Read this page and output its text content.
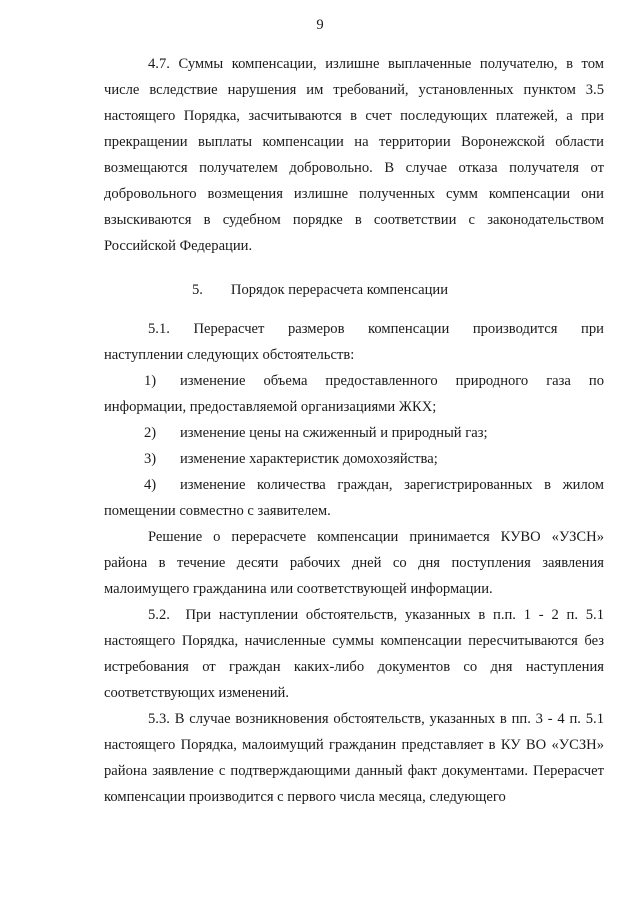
9
4.7. Суммы компенсации, излишне выплаченные получателю, в том числе вследствие нарушения им требований, установленных пунктом 3.5 настоящего Порядка, засчитываются в счет последующих платежей, а при прекращении выплаты компенсации на территории Воронежской области возмещаются получателем добровольно. В случае отказа получателя от добровольного возмещения излишне полученных сумм компенсации они взыскиваются в судебном порядке в соответствии с законодательством Российской Федерации.
5. Порядок перерасчета компенсации
5.1. Перерасчет размеров компенсации производится при
наступлении следующих обстоятельств:
1) изменение объема предоставленного природного газа по информации, предоставляемой организациями ЖКХ;
2) изменение цены на сжиженный и природный газ;
3) изменение характеристик домохозяйства;
4) изменение количества граждан, зарегистрированных в жилом помещении совместно с заявителем.
Решение о перерасчете компенсации принимается КУВО «УЗСН» района в течение десяти рабочих дней со дня поступления заявления малоимущего гражданина или соответствующей информации.
5.2. При наступлении обстоятельств, указанных в п.п. 1 - 2 п. 5.1 настоящего Порядка, начисленные суммы компенсации пересчитываются без истребования от граждан каких-либо документов со дня наступления соответствующих изменений.
5.3. В случае возникновения обстоятельств, указанных в пп. 3 - 4 п. 5.1 настоящего Порядка, малоимущий гражданин представляет в КУ ВО «УСЗН» района заявление с подтверждающими данный факт документами. Перерасчет компенсации производится с первого числа месяца, следующего
